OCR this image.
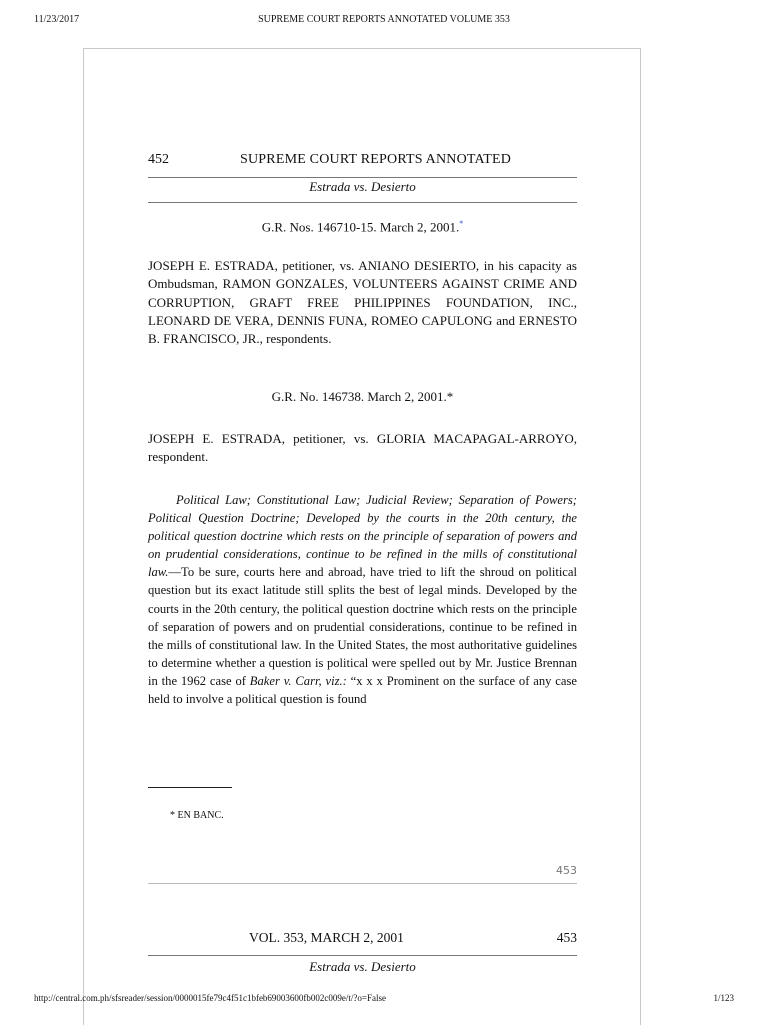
11/23/2017	SUPREME COURT REPORTS ANNOTATED VOLUME 353
452	SUPREME COURT REPORTS ANNOTATED
Estrada vs. Desierto
G.R. Nos. 146710-15. March 2, 2001.*

JOSEPH E. ESTRADA, petitioner, vs. ANIANO DESIERTO, in his capacity as Ombudsman, RAMON GONZALES, VOLUNTEERS AGAINST CRIME AND CORRUPTION, GRAFT FREE PHILIPPINES FOUNDATION, INC., LEONARD DE VERA, DENNIS FUNA, ROMEO CAPULONG and ERNESTO B. FRANCISCO, JR., respondents.

G.R. No. 146738. March 2, 2001.*

JOSEPH E. ESTRADA, petitioner, vs. GLORIA MACAPAGAL-ARROYO, respondent.

Political Law; Constitutional Law; Judicial Review; Separation of Powers; Political Question Doctrine; Developed by the courts in the 20th century, the political question doctrine which rests on the principle of separation of powers and on prudential considerations, continue to be refined in the mills of constitutional law.—To be sure, courts here and abroad, have tried to lift the shroud on political question but its exact latitude still splits the best of legal minds. Developed by the courts in the 20th century, the political question doctrine which rests on the principle of separation of powers and on prudential considerations, continue to be refined in the mills of constitutional law. In the United States, the most authoritative guidelines to determine whether a question is political were spelled out by Mr. Justice Brennan in the 1962 case of Baker v. Carr, viz.: “x x x Prominent on the surface of any case held to involve a political question is found

* EN BANC.
453
VOL. 353, MARCH 2, 2001	453
Estrada vs. Desierto
http://central.com.ph/sfsreader/session/0000015fe79c4f51c1bfeb69003600fb002c009e/t/?o=False	1/123
